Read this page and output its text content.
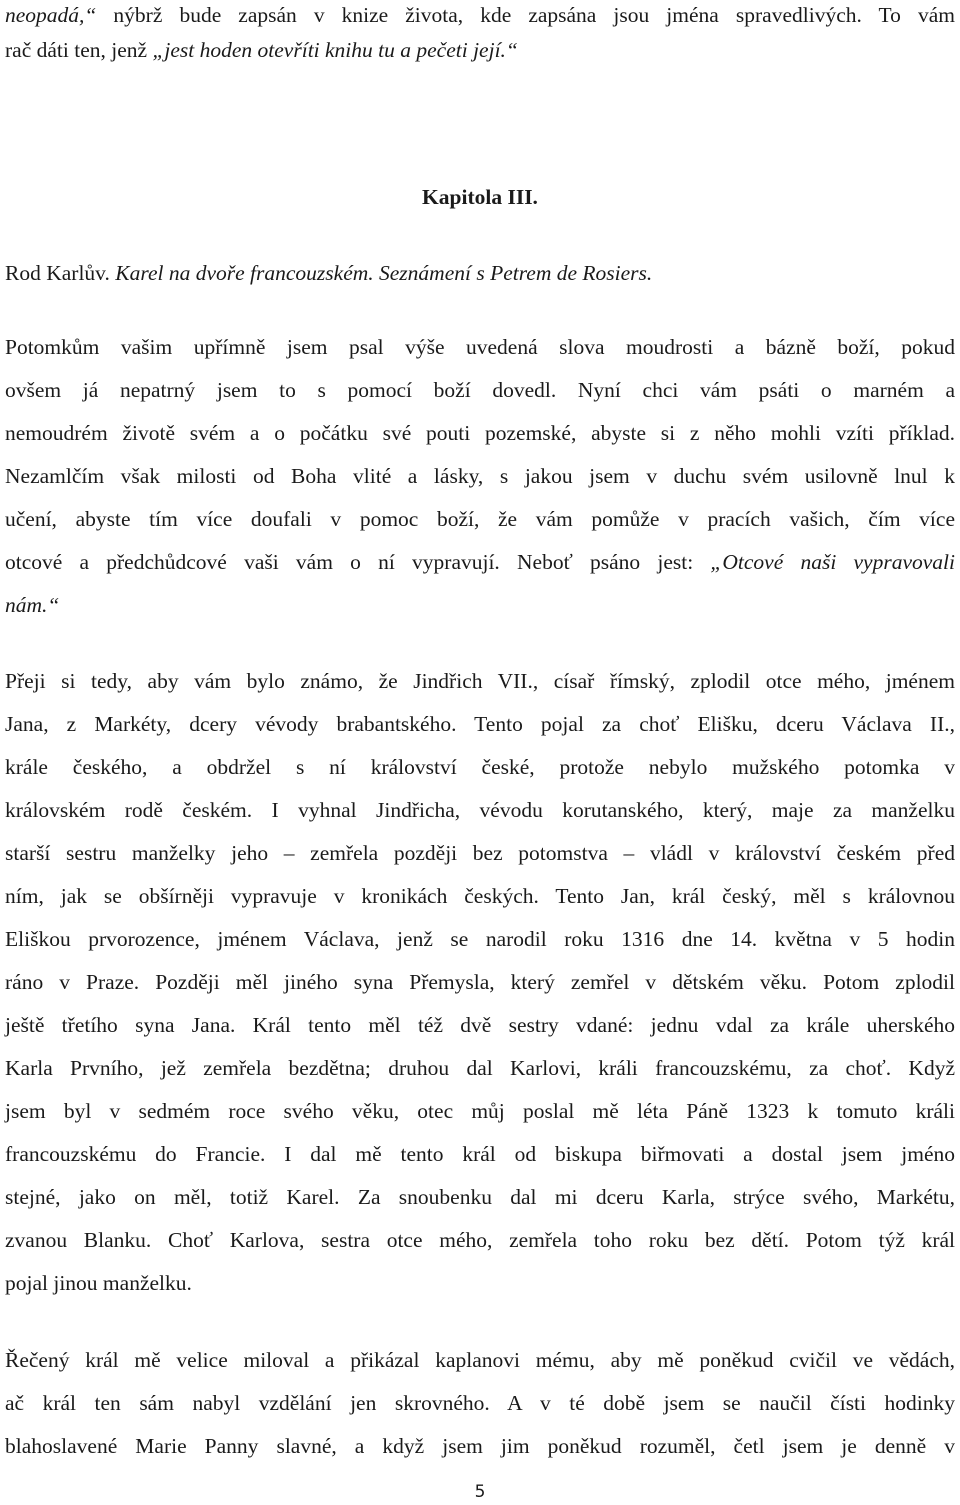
neopadá,“ nýbrž bude zapsán v knize života, kde zapsána jsou jména spravedlivých. To vám
rač dáti ten, jenž „jest hoden otevříti knihu tu a pečeti její.“
Kapitola III.
Rod Karlův. Karel na dvoře francouzském. Seznámení s Petrem de Rosiers.
Potomkům vašim upřímně jsem psal výše uvedená slova moudrosti a bázně boží, pokud
ovšem já nepatrný jsem to s pomocí boží dovedl. Nyní chci vám psáti o marném a
nemoudrém životě svém a o počátku své pouti pozemské, abyste si z něho mohli vzíti příklad.
Nezamlčím však milosti od Boha vlité a lásky, s jakou jsem v duchu svém usilovně lnul k
učení, abyste tím více doufali v pomoc boží, že vám pomůže v pracích vašich, čím více
otcové a předchůdcové vaši vám o ní vypravují. Neboť psáno jest: „Otcové naši vypravovali
nám.“
Přeji si tedy, aby vám bylo známo, že Jindřich VII., císař římský, zplodil otce mého, jménem
Jana, z Markéty, dcery vévody brabantského. Tento pojal za choť Elišku, dceru Václava II.,
krále českého, a obdržel s ní království české, protože nebylo mužského potomka v
královském rodě českém. I vyhnal Jindřicha, vévodu korutanského, který, maje za manželku
starší sestru manželky jeho – zemřela později bez potomstva – vládl v království českém před
ním, jak se obšírněji vypravuje v kronikách českých. Tento Jan, král český, měl s královnou
Eliškou prvorozence, jménem Václava, jenž se narodil roku 1316 dne 14. května v 5 hodin
ráno v Praze. Později měl jiného syna Přemysla, který zemřel v dětském věku. Potom zplodil
ještě třetího syna Jana. Král tento měl též dvě sestry vdané: jednu vdal za krále uherského
Karla Prvního, jež zemřela bezdětna; druhou dal Karlovi, králi francouzskému, za choť. Když
jsem byl v sedmém roce svého věku, otec můj poslal mě léta Páně 1323 k tomuto králi
francouzskému do Francie. I dal mě tento král od biskupa biřmovati a dostal jsem jméno
stejné, jako on měl, totiž Karel. Za snoubenku dal mi dceru Karla, strýce svého, Markétu,
zvanou Blanku. Choť Karlova, sestra otce mého, zemřela toho roku bez dětí. Potom týž král
pojal jinou manželku.
Řečený král mě velice miloval a přikázal kaplanovi mému, aby mě poněkud cvičil ve vědách,
ač král ten sám nabyl vzdělání jen skrovného. A v té době jsem se naučil čísti hodinky
blahoslavené Marie Panny slavné, a když jsem jim poněkud rozuměl, četl jsem je denně v
5
